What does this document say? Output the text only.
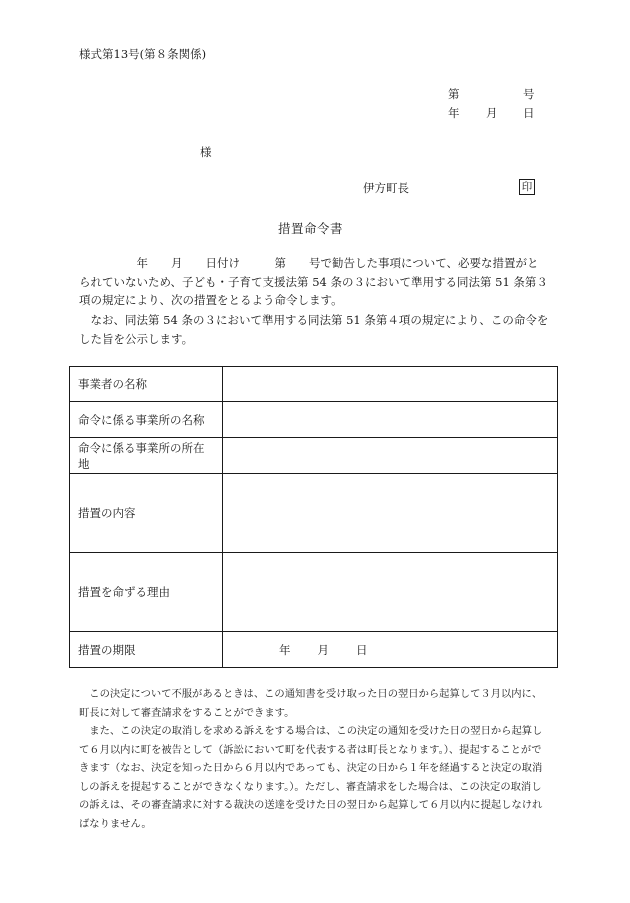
様式第13号(第８条関係)
第	号
年 月 日
様
伊方町長	印
措置命令書
　　　　　年　　月　　日付け　　　第　　号で勧告した事項について、必要な措置がとられていないため、子ども・子育て支援法第 54 条の３において準用する同法第 51 条第３項の規定により、次の措置をとるよう命令します。
　なお、同法第 54 条の３において準用する同法第 51 条第４項の規定により、この命令をした旨を公示します。
事業者の名称	
命令に係る事業所の名称	
命令に係る事業所の所在地	
措置の内容	
措置を命ずる理由	
措置の期限	年 月 日
　この決定について不服があるときは、この通知書を受け取った日の翌日から起算して３月以内に、町長に対して審査請求をすることができます。
　また、この決定の取消しを求める訴えをする場合は、この決定の通知を受けた日の翌日から起算して６月以内に町を被告として（訴訟において町を代表する者は町長となります。）、提起することができます（なお、決定を知った日から６月以内であっても、決定の日から１年を経過すると決定の取消しの訴えを提起することができなくなります。）。ただし、審査請求をした場合は、この決定の取消しの訴えは、その審査請求に対する裁決の送達を受けた日の翌日から起算して６月以内に提起しなければなりません。
